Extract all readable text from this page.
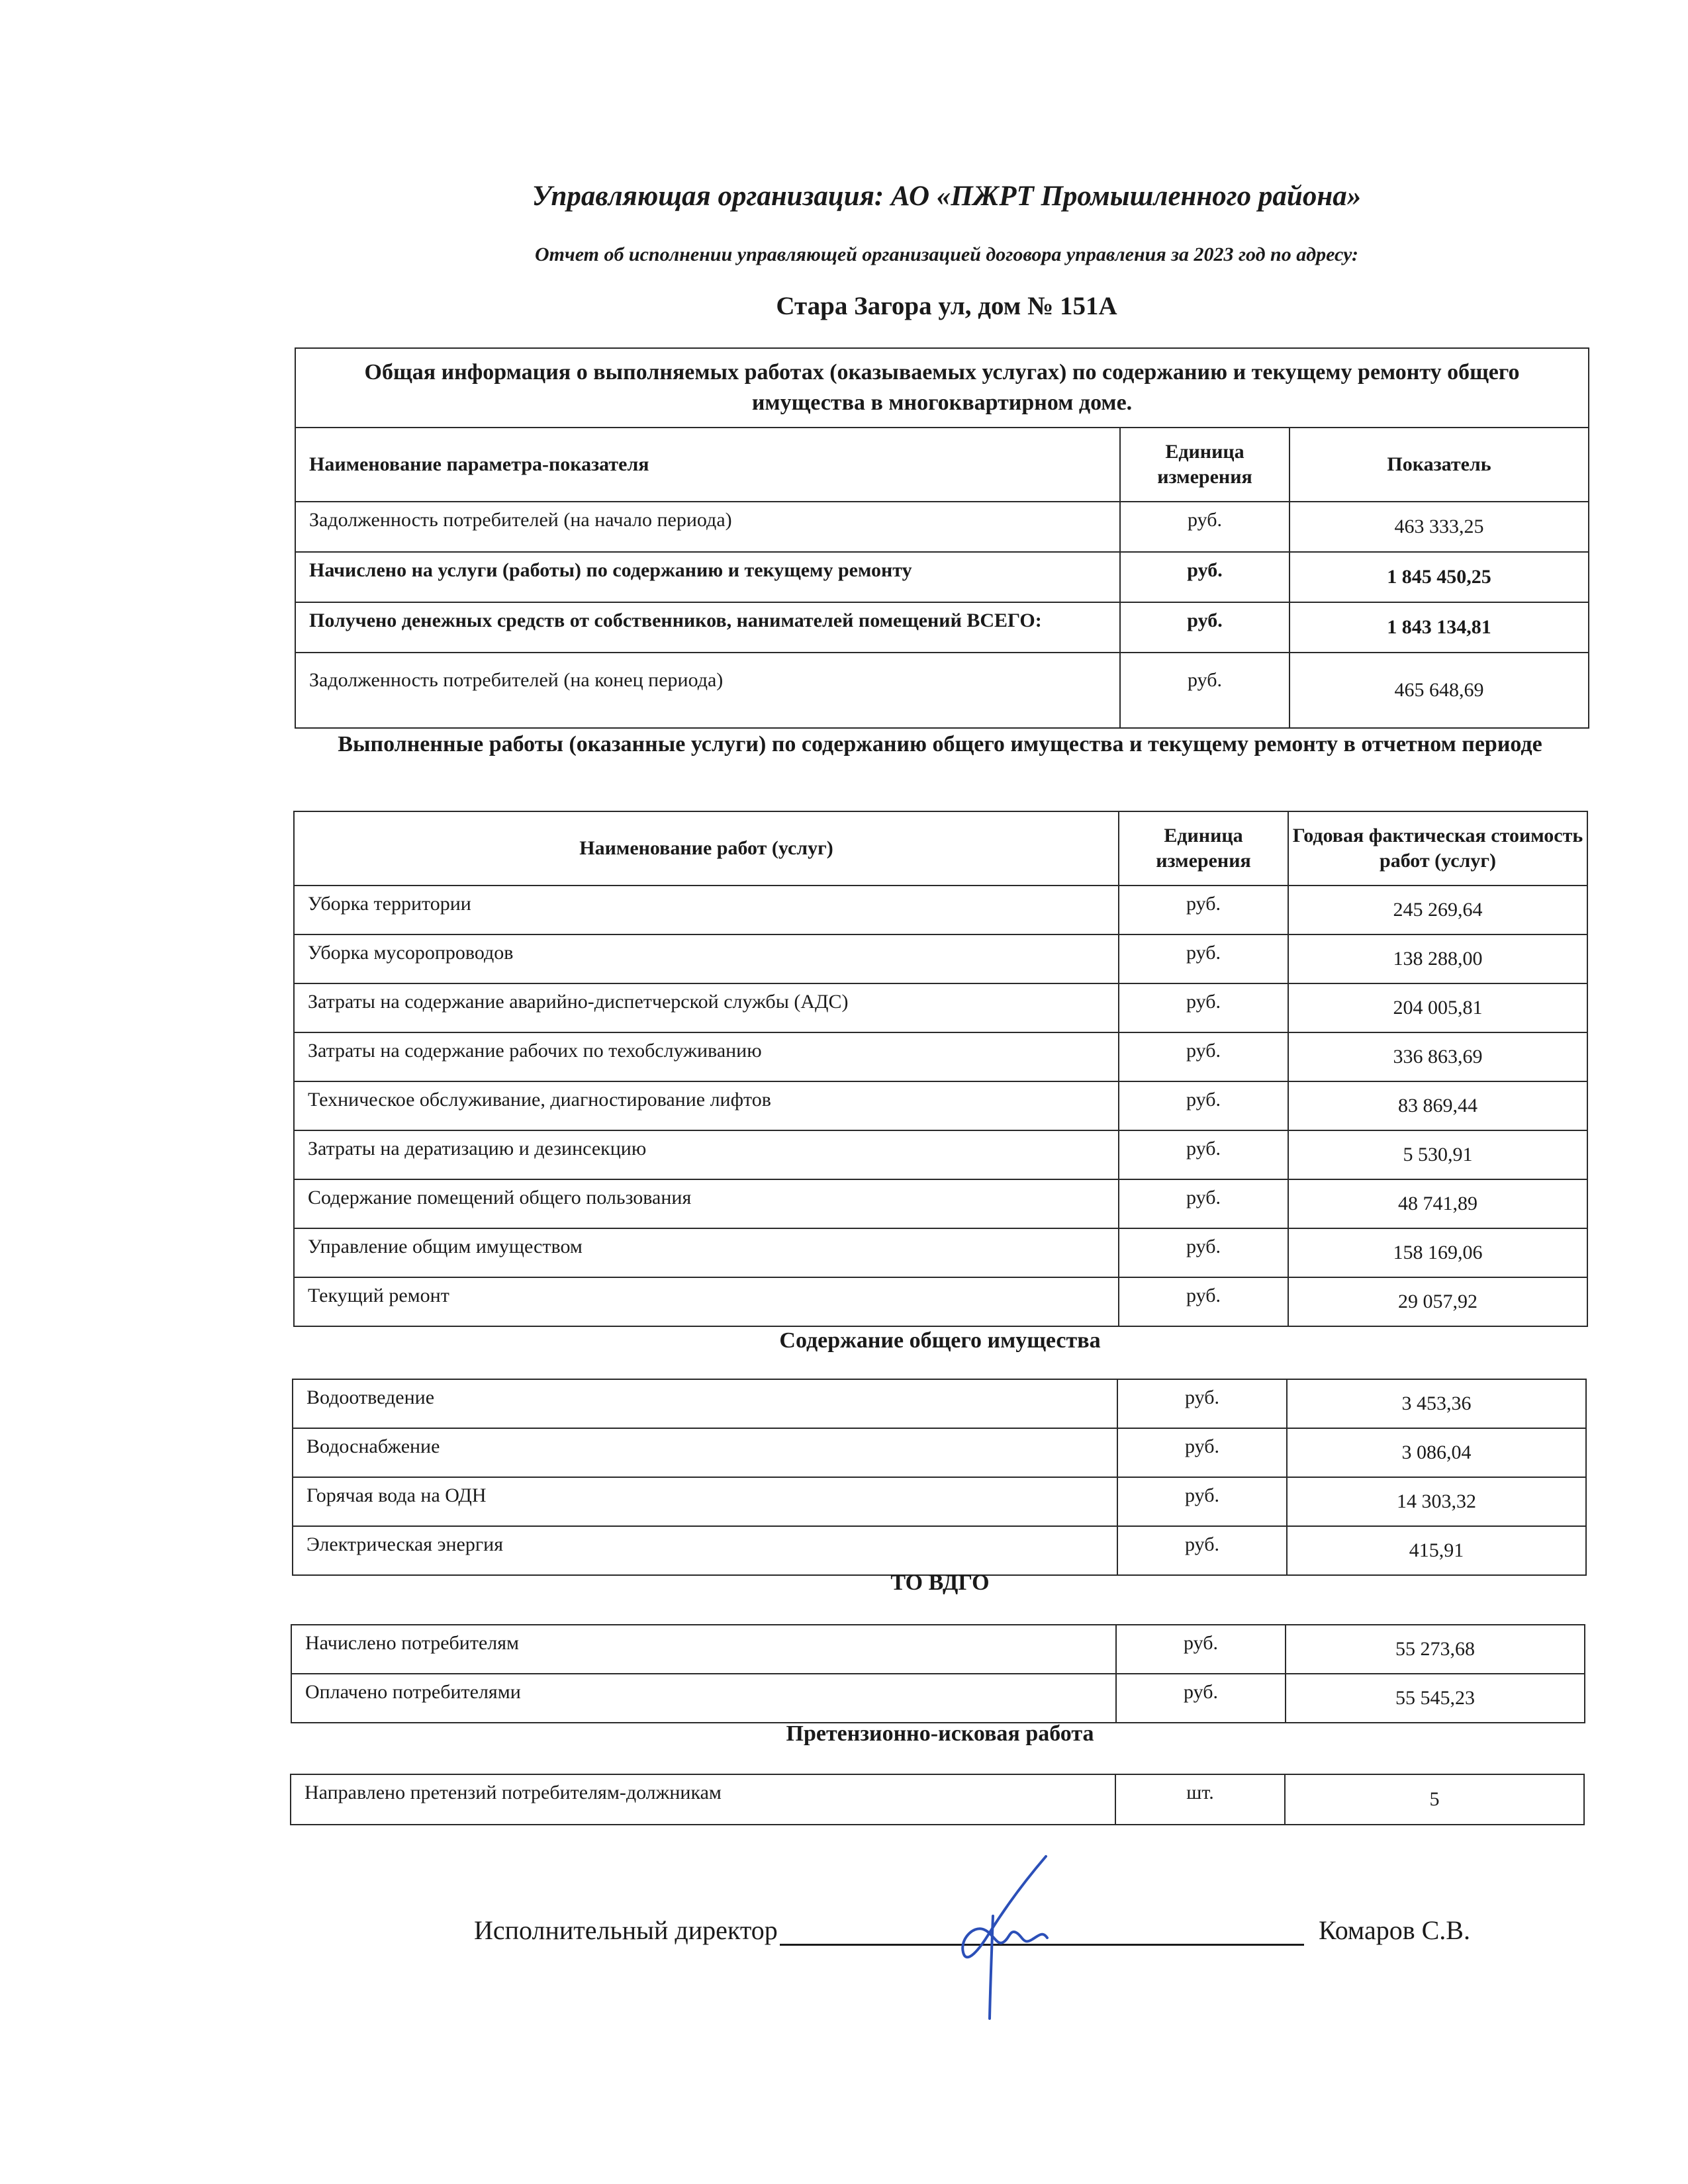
Управляющая организация: АО «ПЖРТ Промышленного района»
Отчет об исполнении управляющей организацией договора управления за 2023 год по адресу:
Стара Загора ул, дом № 151А
Общая информация о выполняемых работах (оказываемых услугах) по содержанию и текущему ремонту общего имущества в многоквартирном доме.		
Наименование параметра-показателя	Единица измерения	Показатель
Задолженность потребителей (на начало периода)	руб.	463 333,25
Начислено на услуги (работы) по содержанию и текущему ремонту	руб.	1 845 450,25
Получено денежных средств от собственников, нанимателей помещений ВСЕГО:	руб.	1 843 134,81
Задолженность потребителей (на конец периода)	руб.	465 648,69
Выполненные работы (оказанные услуги) по содержанию общего имущества и текущему ремонту в отчетном периоде
Наименование работ (услуг)	Единица измерения	Годовая фактическая стоимость работ (услуг)
Уборка территории	руб.	245 269,64
Уборка мусоропроводов	руб.	138 288,00
Затраты на содержание аварийно-диспетчерской службы (АДС)	руб.	204 005,81
Затраты на содержание рабочих по техобслуживанию	руб.	336 863,69
Техническое обслуживание, диагностирование лифтов	руб.	83 869,44
Затраты на дератизацию и дезинсекцию	руб.	5 530,91
Содержание помещений общего пользования	руб.	48 741,89
Управление общим имуществом	руб.	158 169,06
Текущий ремонт	руб.	29 057,92
Содержание общего имущества
Водоотведение	руб.	3 453,36
Водоснабжение	руб.	3 086,04
Горячая вода на ОДН	руб.	14 303,32
Электрическая энергия	руб.	415,91
ТО ВДГО
Начислено потребителям	руб.	55 273,68
Оплачено потребителями	руб.	55 545,23
Претензионно-исковая работа
Направлено претензий потребителям-должникам	шт.	5
Исполнительный директор	Комаров С.В.
